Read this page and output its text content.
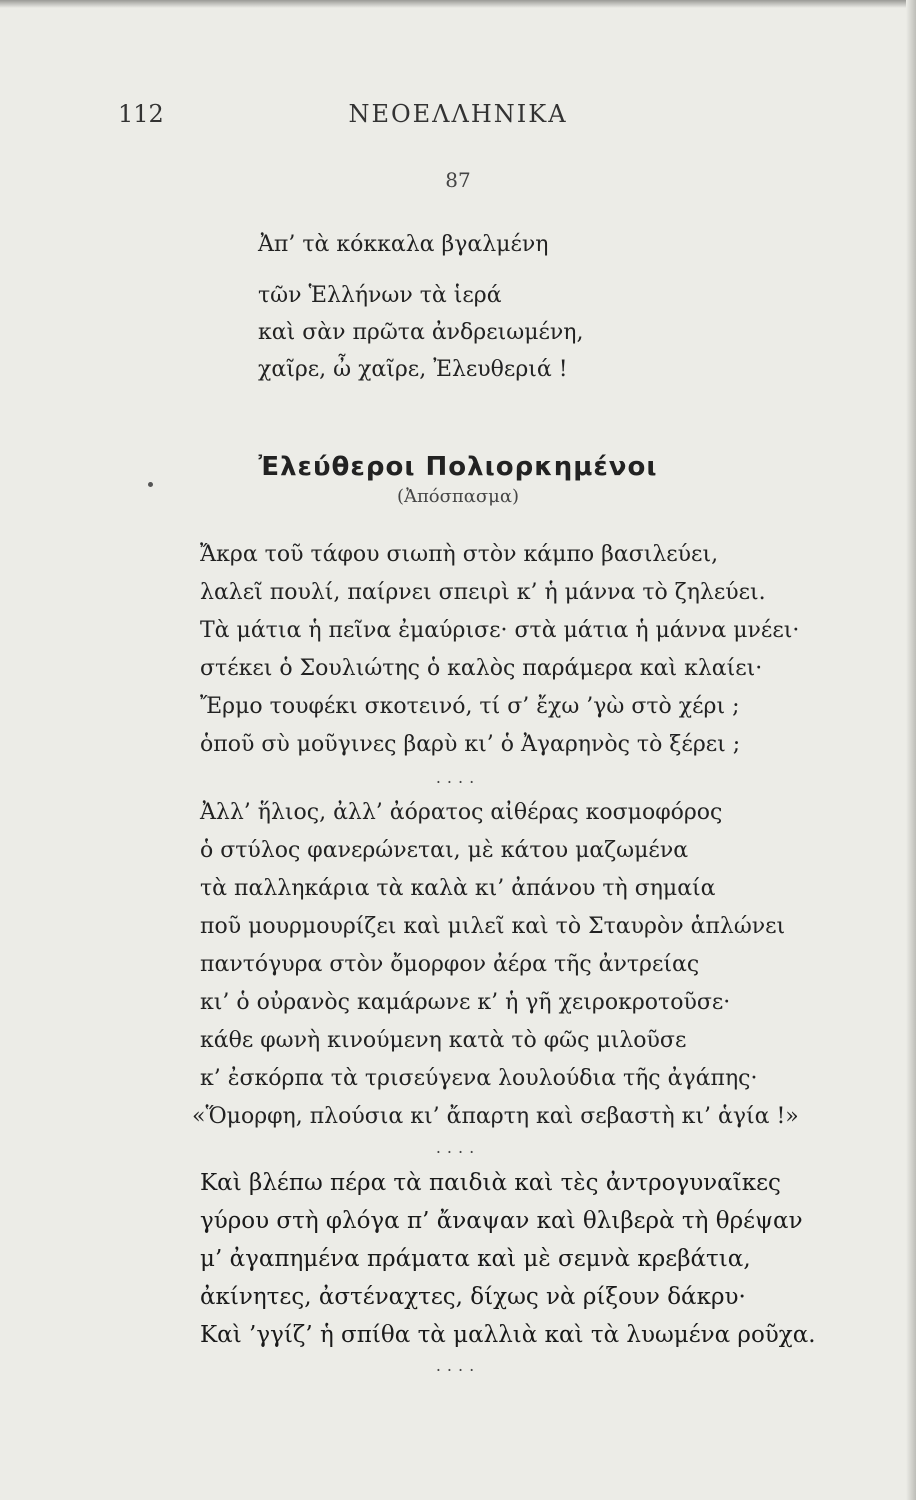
112	ΝΕΟΕΛΛΗΝΙΚΑ
87
Ἀπ’ τὰ κόκκαλα βγαλμένη
τῶν Ἑλλήνων τὰ ἱερά
καὶ σὰν πρῶτα ἀνδρειωμένη,
χαῖρε, ὦ χαῖρε, Ἐλευθεριά !
Ἐλεύθεροι Πολιορκημένοι
(Ἀπόσπασμα)
Ἄκρα τοῦ τάφου σιωπὴ στὸν κάμπο βασιλεύει,
λαλεῖ πουλί, παίρνει σπειρὶ κ’ ἡ μάννα τὸ ζηλεύει.
Τὰ μάτια ἡ πεῖνα ἐμαύρισε· στὰ μάτια ἡ μάννα μνέει·
στέκει ὁ Σουλιώτης ὁ καλὸς παράμερα καὶ κλαίει·
Ἔρμο τουφέκι σκοτεινό, τί σ’ ἔχω ’γὼ στὸ χέρι ;
ὁποῦ σὺ μοῦγινες βαρὺ κι’ ὁ Ἀγαρηνὸς τὸ ξέρει ;
....
Ἀλλ’ ἥλιος, ἀλλ’ ἀόρατος αἰθέρας κοσμοφόρος
ὁ στύλος φανερώνεται, μὲ κάτου μαζωμένα
τὰ παλληκάρια τὰ καλὰ κι’ ἀπάνου τὴ σημαία
ποῦ μουρμουρίζει καὶ μιλεῖ καὶ τὸ Σταυρὸν ἁπλώνει
παντόγυρα στὸν ὄμορφον ἀέρα τῆς ἀντρείας
κι’ ὁ οὐρανὸς καμάρωνε κ’ ἡ γῆ χειροκροτοῦσε·
κάθε φωνὴ κινούμενη κατὰ τὸ φῶς μιλοῦσε
κ’ ἐσκόρπα τὰ τρισεύγενα λουλούδια τῆς ἀγάπης·
«Ὅμορφη, πλούσια κι’ ἄπαρτη καὶ σεβαστὴ κι’ ἁγία !»
....
Καὶ βλέπω πέρα τὰ παιδιὰ καὶ τὲς ἀντρογυναῖκες
γύρου στὴ φλόγα π’ ἄναψαν καὶ θλιβερὰ τὴ θρέψαν
μ’ ἀγαπημένα πράματα καὶ μὲ σεμνὰ κρεβάτια,
ἀκίνητες, ἀστέναχτες, δίχως νὰ ρίξουν δάκρυ·
Καὶ ’γγίζ’ ἡ σπίθα τὰ μαλλιὰ καὶ τὰ λυωμένα ροῦχα.
....
